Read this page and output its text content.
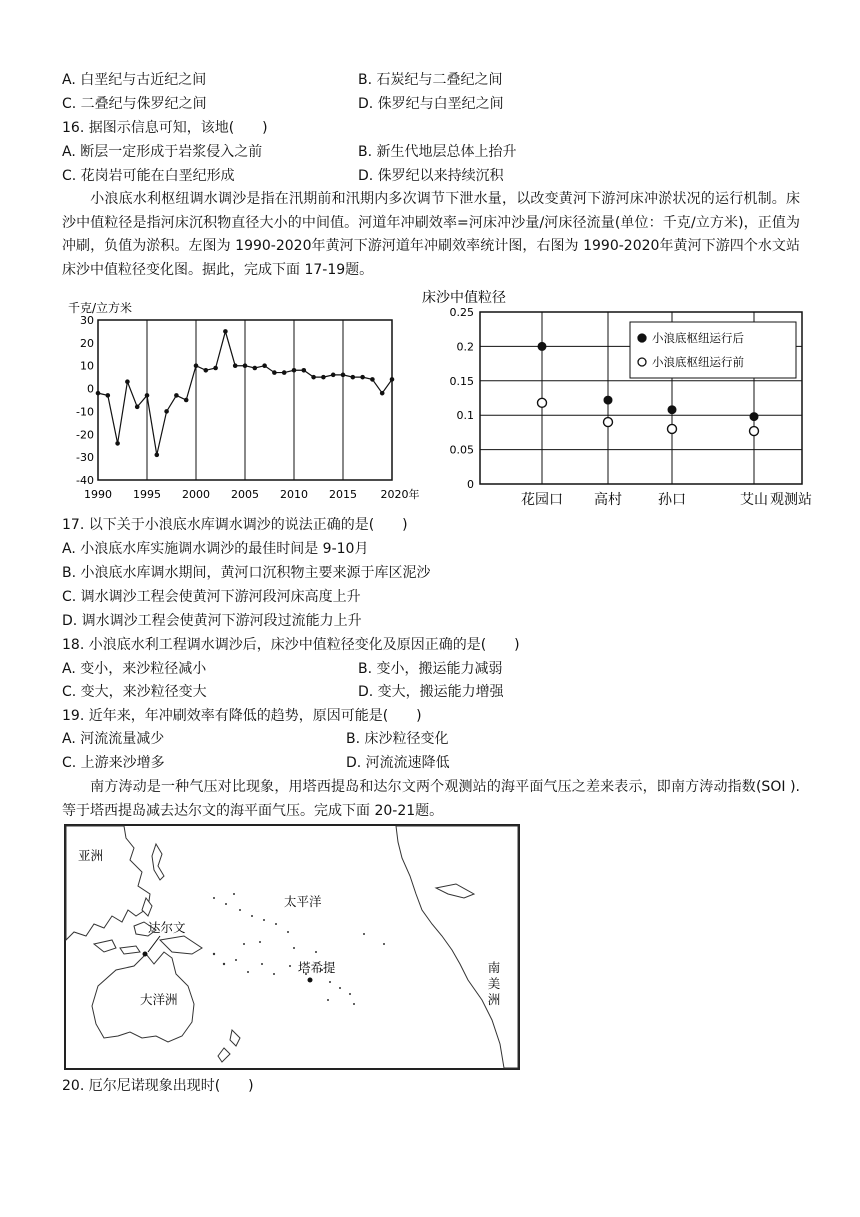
A. 白垩纪与古近纪之间	B. 石炭纪与二叠纪之间
C. 二叠纪与侏罗纪之间	D. 侏罗纪与白垩纪之间
16. 据图示信息可知，该地(　　)
A. 断层一定形成于岩浆侵入之前	B. 新生代地层总体上抬升
C. 花岗岩可能在白垩纪形成	D. 侏罗纪以来持续沉积
小浪底水利枢纽调水调沙是指在汛期前和汛期内多次调节下泄水量，以改变黄河下游河床冲淤状况的运行机制。床沙中值粒径是指河床沉积物直径大小的中间值。河道年冲刷效率=河床冲沙量/河床径流量(单位：千克/立方米)，正值为冲刷，负值为淤积。左图为 1990-2020年黄河下游河道年冲刷效率统计图，右图为 1990-2020年黄河下游四个水文站床沙中值粒径变化图。据此，完成下面 17-19题。
千克/立方米
30
20
10
0
-10
-20
-30
-40
1990 1995 2000 2005 2010 2015 2020年
床沙中值粒径
0.25
0.2
0.15
0.1
0.05
0
花园口 高村	孙口	艾山 观测站
小浪底枢纽运行后
小浪底枢纽运行前
17. 以下关于小浪底水库调水调沙的说法正确的是(　　)
A. 小浪底水库实施调水调沙的最佳时间是 9-10月
B. 小浪底水库调水期间，黄河口沉积物主要来源于库区泥沙
C. 调水调沙工程会使黄河下游河段河床高度上升
D. 调水调沙工程会使黄河下游河段过流能力上升
18. 小浪底水利工程调水调沙后，床沙中值粒径变化及原因正确的是(　　)
A. 变小，来沙粒径减小	B. 变小，搬运能力减弱
C. 变大，来沙粒径变大	D. 变大，搬运能力增强
19. 近年来，年冲刷效率有降低的趋势，原因可能是(　　)
A. 河流流量减少	B. 床沙粒径变化
C. 上游来沙增多	D. 河流流速降低
南方涛动是一种气压对比现象，用塔西提岛和达尔文两个观测站的海平面气压之差来表示，即南方涛动指数(SOI ).等于塔西提岛减去达尔文的海平面气压。完成下面 20-21题。
亚洲
太平洋
达尔文
塔希提
大洋洲
南
美
洲
20. 厄尔尼诺现象出现时(　　)
